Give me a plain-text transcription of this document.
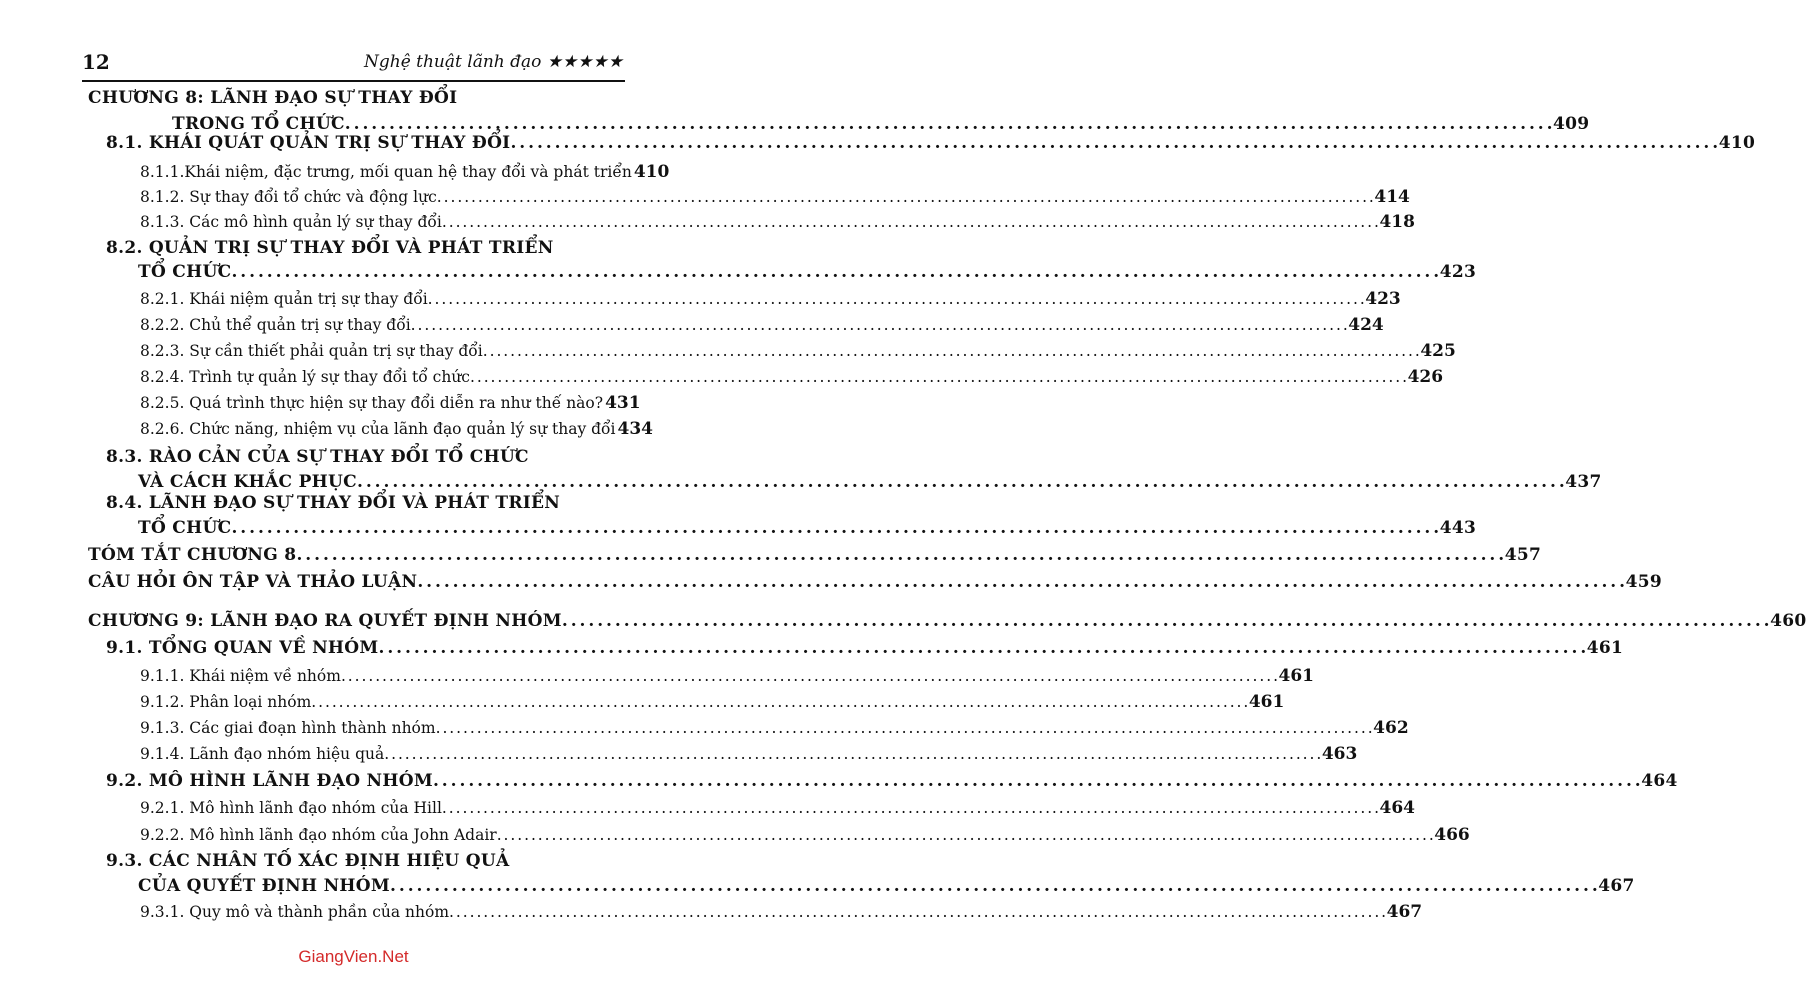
12	Nghệ thuật lãnh đạo ★★★★★
CHƯƠNG 8: LÃNH ĐẠO SỰ THAY ĐỔI
TRONG TỔ CHỨC . . .	409
8.1. KHÁI QUÁT QUẢN TRỊ SỰ THAY ĐỔI . . .	410
8.1.1.Khái niệm, đặc trưng, mối quan hệ thay đổi và phát triển 410
8.1.2. Sự thay đổi tổ chức và động lực . . .	414
8.1.3. Các mô hình quản lý sự thay đổi . . .	418
8.2. QUẢN TRỊ SỰ THAY ĐỔI VÀ PHÁT TRIỂN
TỔ CHỨC . . .	423
8.2.1. Khái niệm quản trị sự thay đổi . . .	423
8.2.2. Chủ thể quản trị sự thay đổi . . .	424
8.2.3. Sự cần thiết phải quản trị sự thay đổi . . .	425
8.2.4. Trình tự quản lý sự thay đổi tổ chức . . .	426
8.2.5. Quá trình thực hiện sự thay đổi diễn ra như thế nào? 431
8.2.6. Chức năng, nhiệm vụ của lãnh đạo quản lý sự thay đổi 434
8.3. RÀO CẢN CỦA SỰ THAY ĐỔI TỔ CHỨC
VÀ CÁCH KHẮC PHỤC . . .	437
8.4. LÃNH ĐẠO SỰ THAY ĐỔI VÀ PHÁT TRIỂN
TỔ CHỨC . . .	443
TÓM TẮT CHƯƠNG 8 . . .	457
CÂU HỎI ÔN TẬP VÀ THẢO LUẬN . . .	459
CHƯƠNG 9: LÃNH ĐẠO RA QUYẾT ĐỊNH NHÓM . . .	460
9.1. TỔNG QUAN VỀ NHÓM . . .	461
9.1.1. Khái niệm về nhóm . . .	461
9.1.2. Phân loại nhóm . . .	461
9.1.3. Các giai đoạn hình thành nhóm . . .	462
9.1.4. Lãnh đạo nhóm hiệu quả . . .	463
9.2. MÔ HÌNH LÃNH ĐẠO NHÓM . . .	464
9.2.1. Mô hình lãnh đạo nhóm của Hill . . .	464
9.2.2. Mô hình lãnh đạo nhóm của John Adair . . .	466
9.3. CÁC NHÂN TỐ XÁC ĐỊNH HIỆU QUẢ
CỦA QUYẾT ĐỊNH NHÓM . . .	467
9.3.1. Quy mô và thành phần của nhóm . . .	467
GiangVien.Net
